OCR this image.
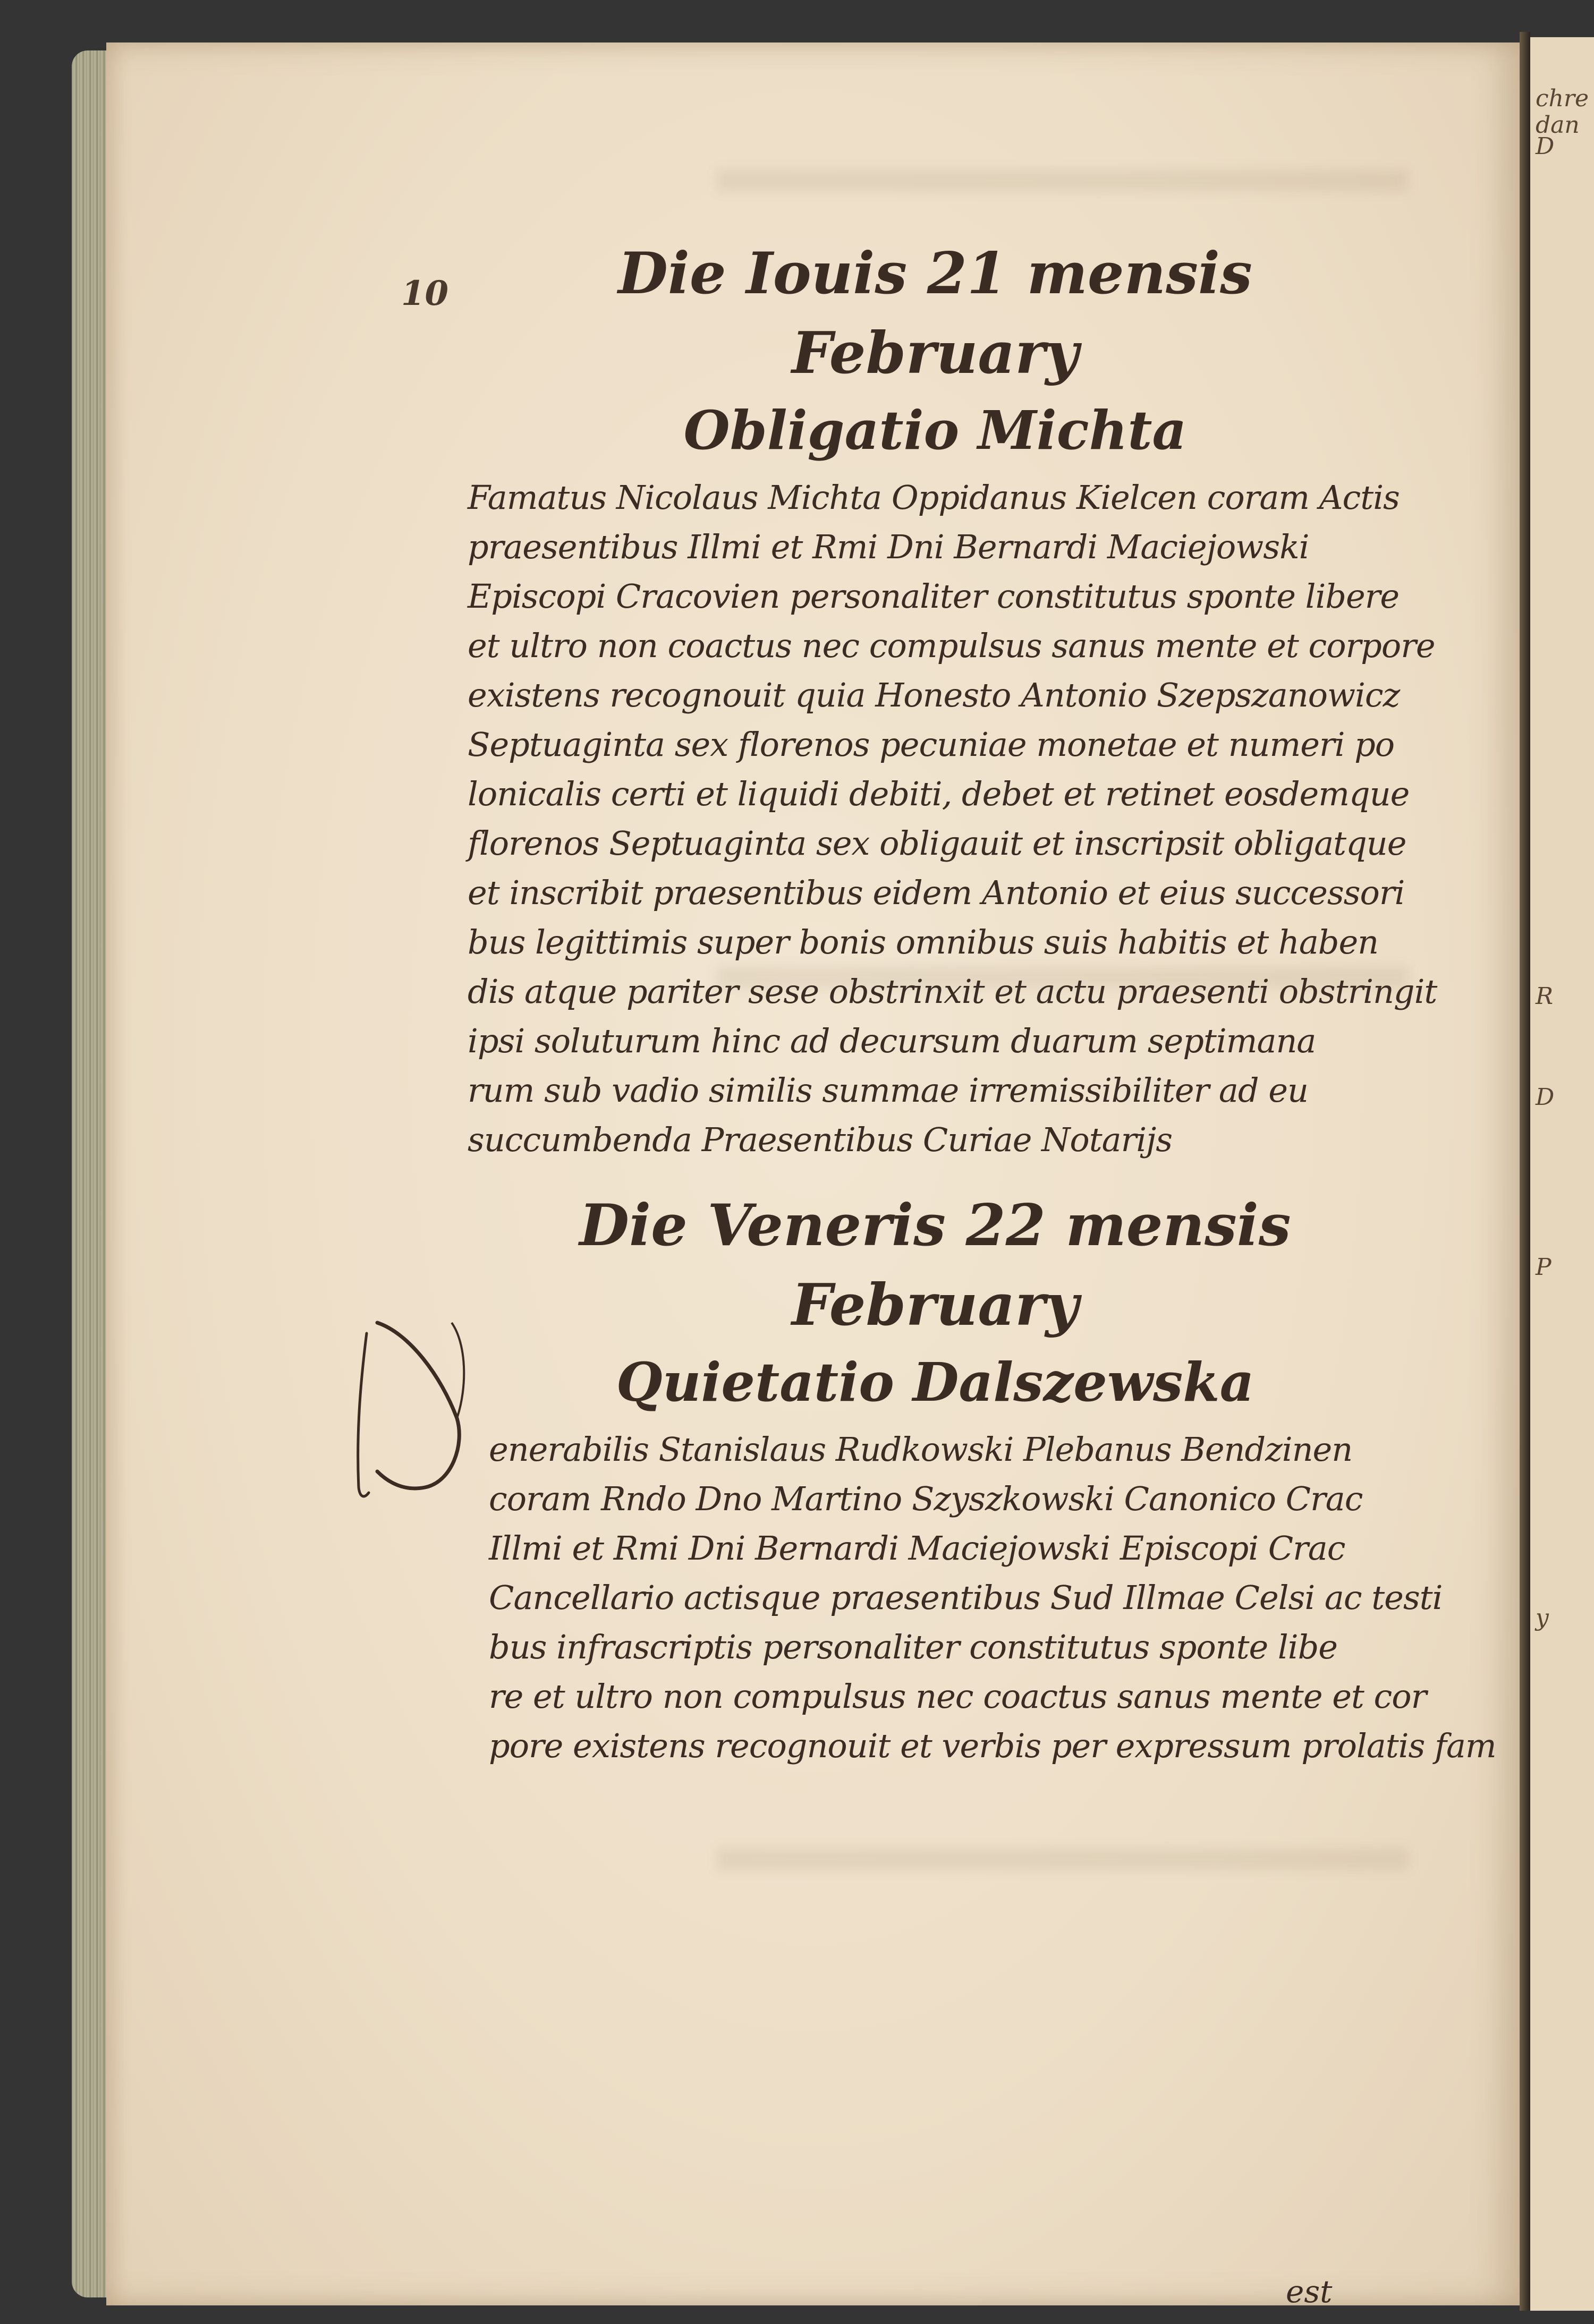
chre
dan
D
R
D
P
y
10	Die Iouis 21 mensis February
Obligatio Michta

Famatus Nicolaus Michta Oppidanus Kielcen coram Actis

praesentibus Illmi et Rmi Dni Bernardi Maciejowski

Episcopi Cracovien personaliter constitutus sponte libere

et ultro non coactus nec compulsus sanus mente et corpore

existens recognouit quia Honesto Antonio Szepszanowicz

Septuaginta sex florenos pecuniae monetae et numeri po

lonicalis certi et liquidi debiti, debet et retinet eosdemque

florenos Septuaginta sex obligauit et inscripsit obligatque

et inscribit praesentibus eidem Antonio et eius successori

bus legittimis super bonis omnibus suis habitis et haben

dis atque pariter sese obstrinxit et actu praesenti obstringit

ipsi soluturum hinc ad decursum duarum septimana

rum sub vadio similis summae irremissibiliter ad eu

succumbenda Praesentibus Curiae Notarijs

Die Veneris 22 mensis February
Quietatio Dalszewska

enerabilis Stanislaus Rudkowski Plebanus Bendzinen

coram Rndo Dno Martino Szyszkowski Canonico Crac

Illmi et Rmi Dni Bernardi Maciejowski Episcopi Crac

Cancellario actisque praesentibus Sud Illmae Celsi ac testi

bus infrascriptis personaliter constitutus sponte libe

re et ultro non compulsus nec coactus sanus mente et cor

pore existens recognouit et verbis per expressum prolatis fam

est
